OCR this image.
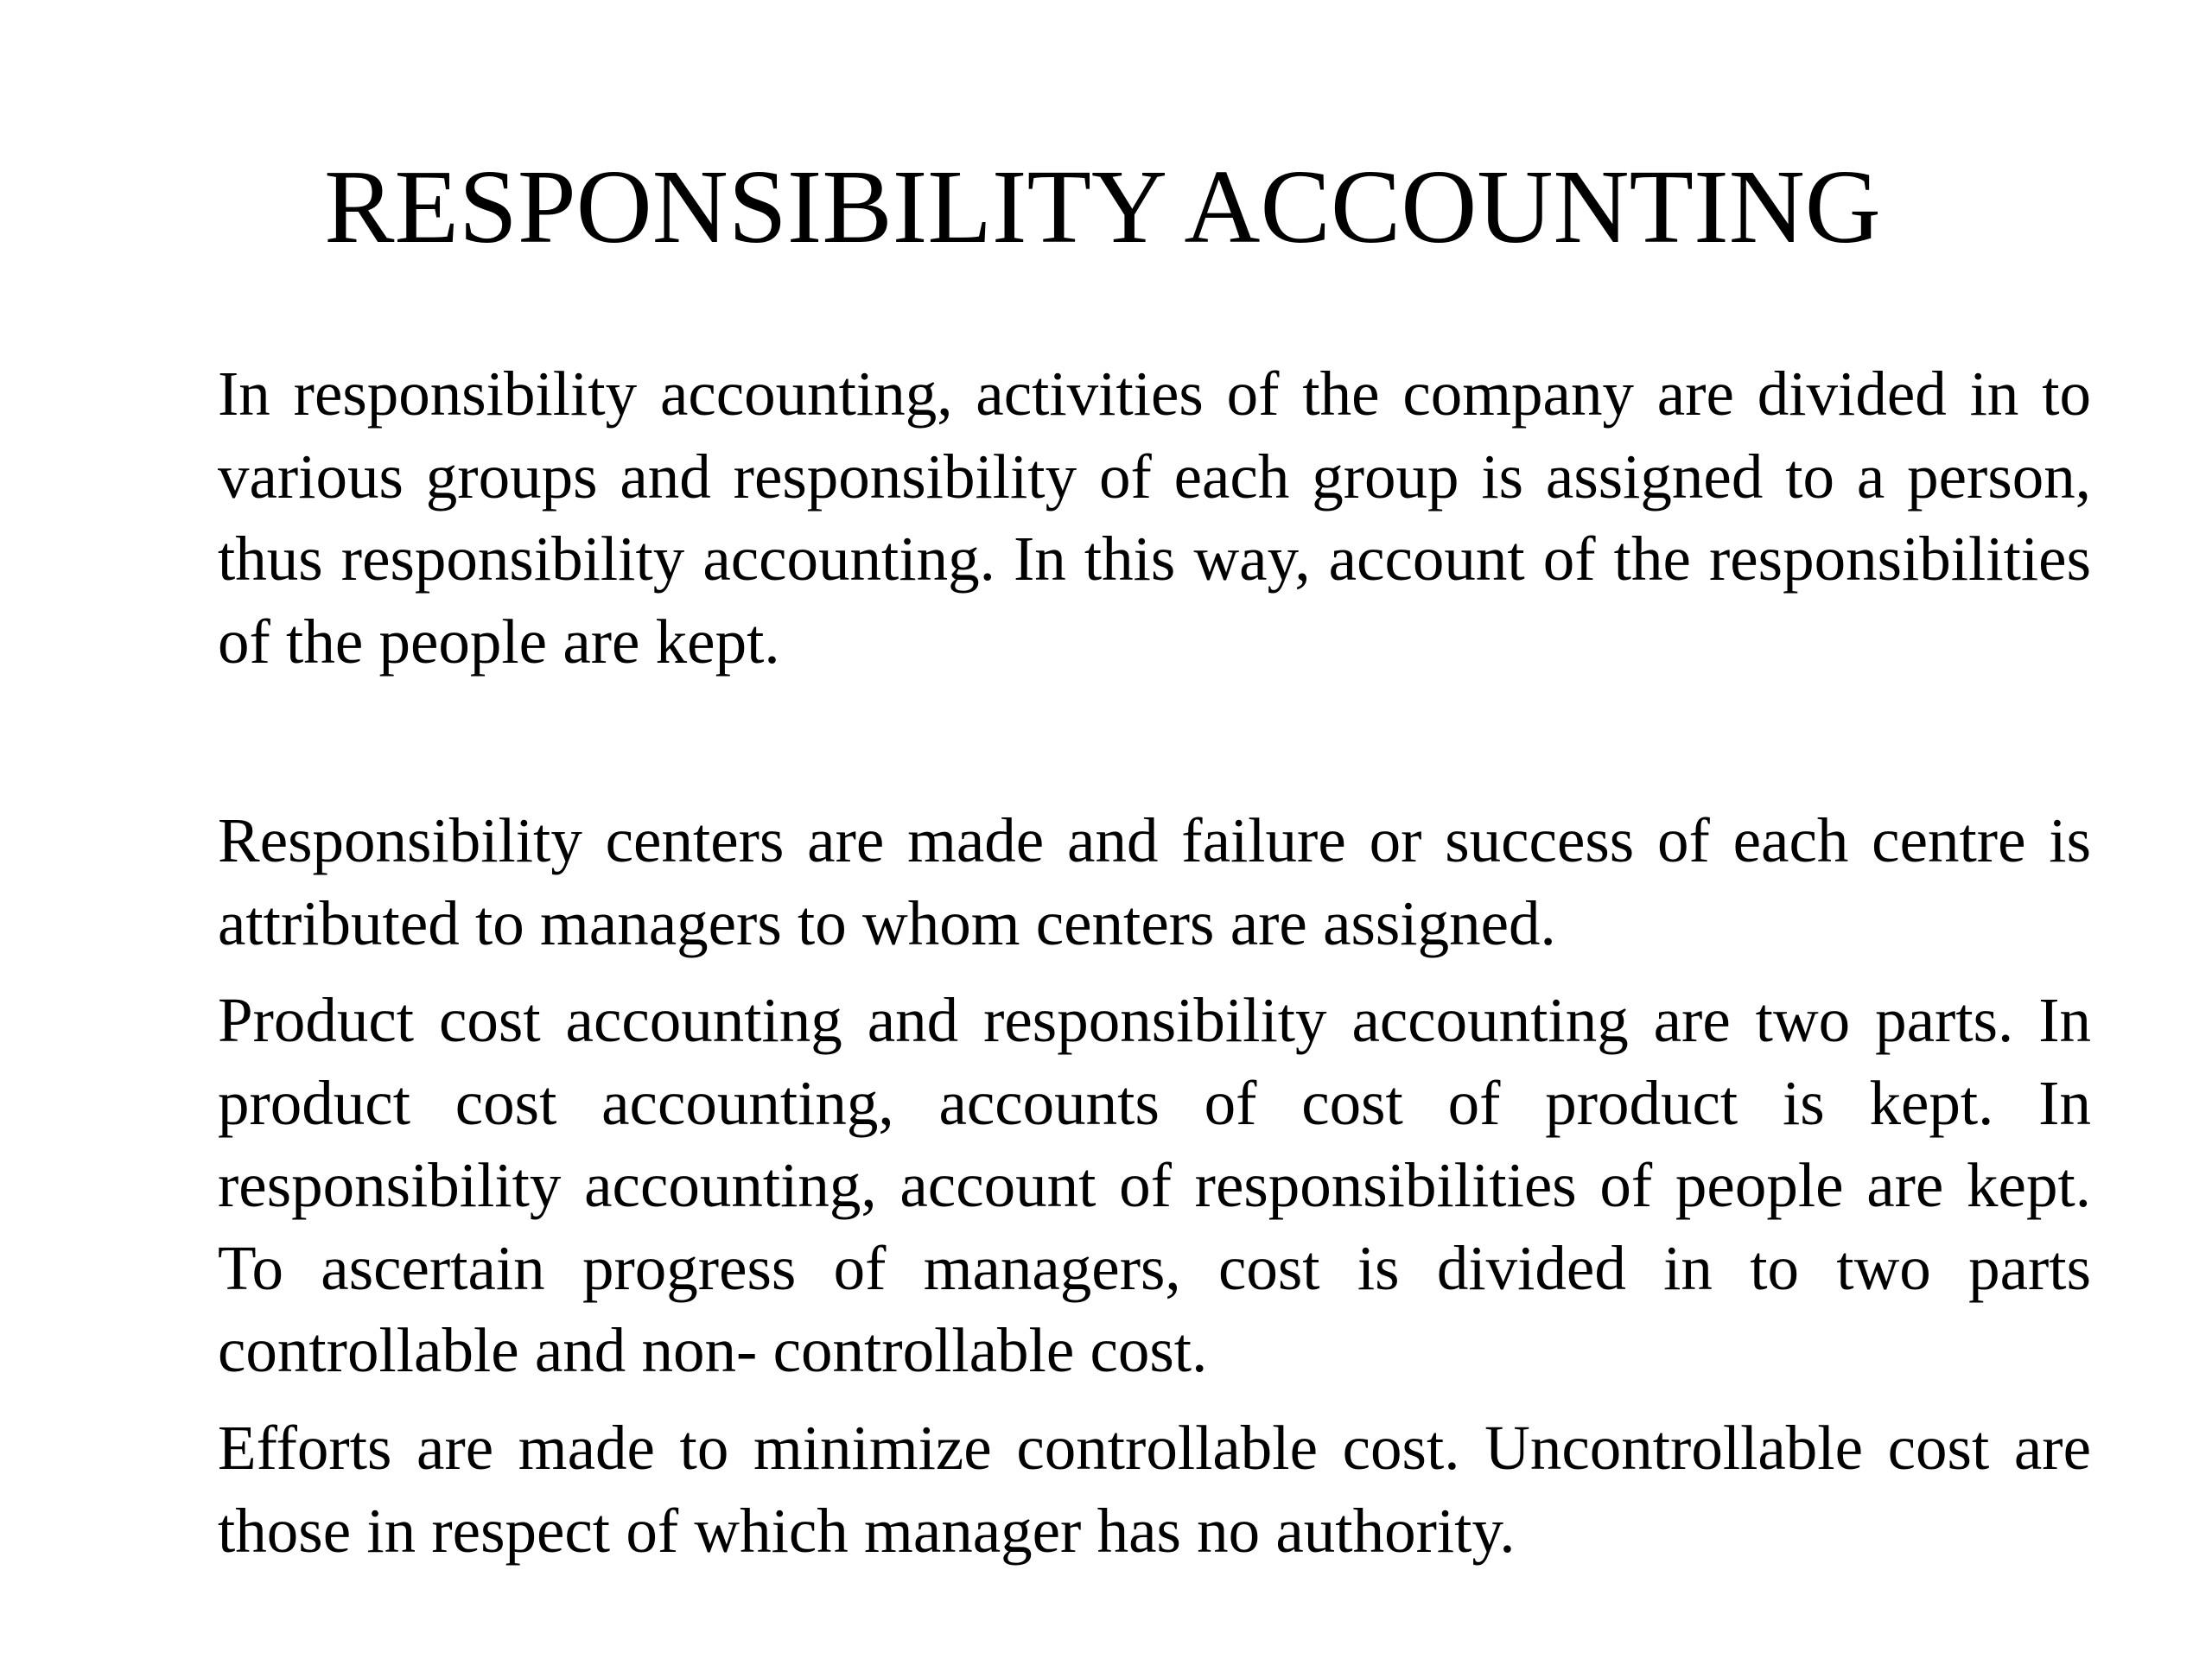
RESPONSIBILITY ACCOUNTING

In responsibility accounting, activities of the company are divided in to various groups and responsibility of each group is assigned to a person, thus responsibility accounting. In this way, account of the responsibilities of the people are kept.

Responsibility centers are made and failure or success of each centre is attributed to managers to whom centers are assigned.

Product cost accounting and responsibility accounting are two parts. In product cost accounting, accounts of cost of product is kept. In responsibility accounting, account of responsibilities of people are kept. To ascertain progress of managers, cost is divided in to two parts controllable and non- controllable cost.

Efforts are made to minimize controllable cost. Uncontrollable cost are those in respect of which manager has no authority.
